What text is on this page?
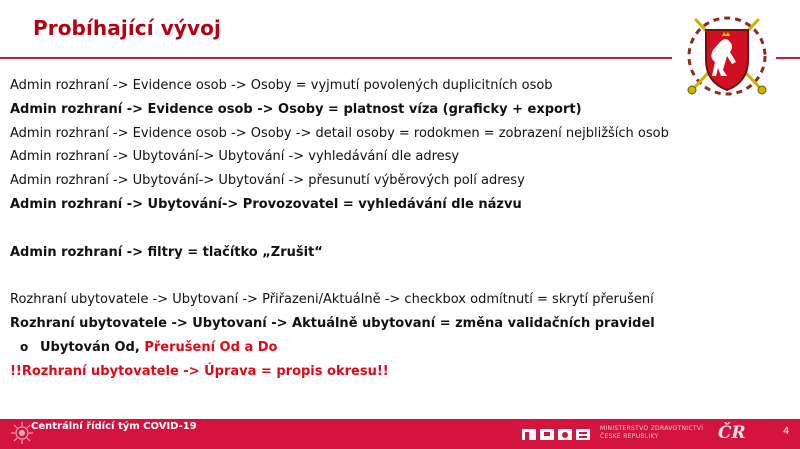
Probíhající vývoj
Admin rozhraní -> Evidence osob -> Osoby = vyjmutí povolených duplicitních osob
Admin rozhraní -> Evidence osob -> Osoby = platnost víza (graficky + export)
Admin rozhraní -> Evidence osob -> Osoby -> detail osoby = rodokmen = zobrazení nejbližších osob
Admin rozhraní -> Ubytování-> Ubytování -> vyhledávání dle adresy
Admin rozhraní -> Ubytování-> Ubytování -> přesunutí výběrových polí adresy
Admin rozhraní -> Ubytování-> Provozovatel = vyhledávání dle názvu
Admin rozhraní -> filtry = tlačítko „Zrušit“
Rozhraní ubytovatele -> Ubytovaní -> Přiřazeni/Aktuálně -> checkbox odmítnutí = skrytí přerušení
Rozhraní ubytovatele -> Ubytovaní -> Aktuálně ubytovaní = změna validačních pravidel
o Ubytován Od, Přerušení Od a Do
!!Rozhraní ubytovatele -> Úprava = propis okresu!!
Centrální řídící tým COVID-19	MINISTERSTVO ZDRAVOTNICTVÍ
ČESKÉ REPUBLIKY	ČR	4
